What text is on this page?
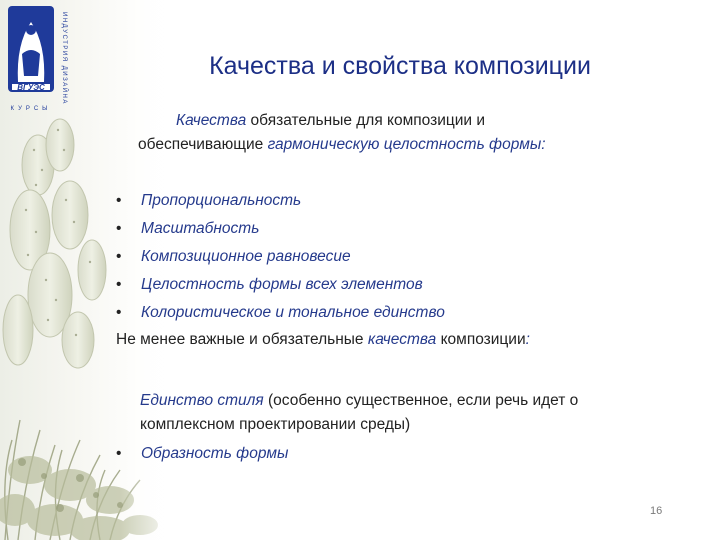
ВГУЭС	ИНДУСТРИЯ ДИЗАЙНА
КУРСЫ
Качества и свойства композиции
Качества обязательные для композиции и
обеспечивающие гармоническую целостность формы:
• Пропорциональность
• Масштабность
• Композиционное равновесие
• Целостность формы всех элементов
• Колористическое и тональное единство
Не менее важные и обязательные качества композиции:
Единство стиля (особенно существенное, если речь идет о
комплексном проектировании среды)
• Образность формы
16
